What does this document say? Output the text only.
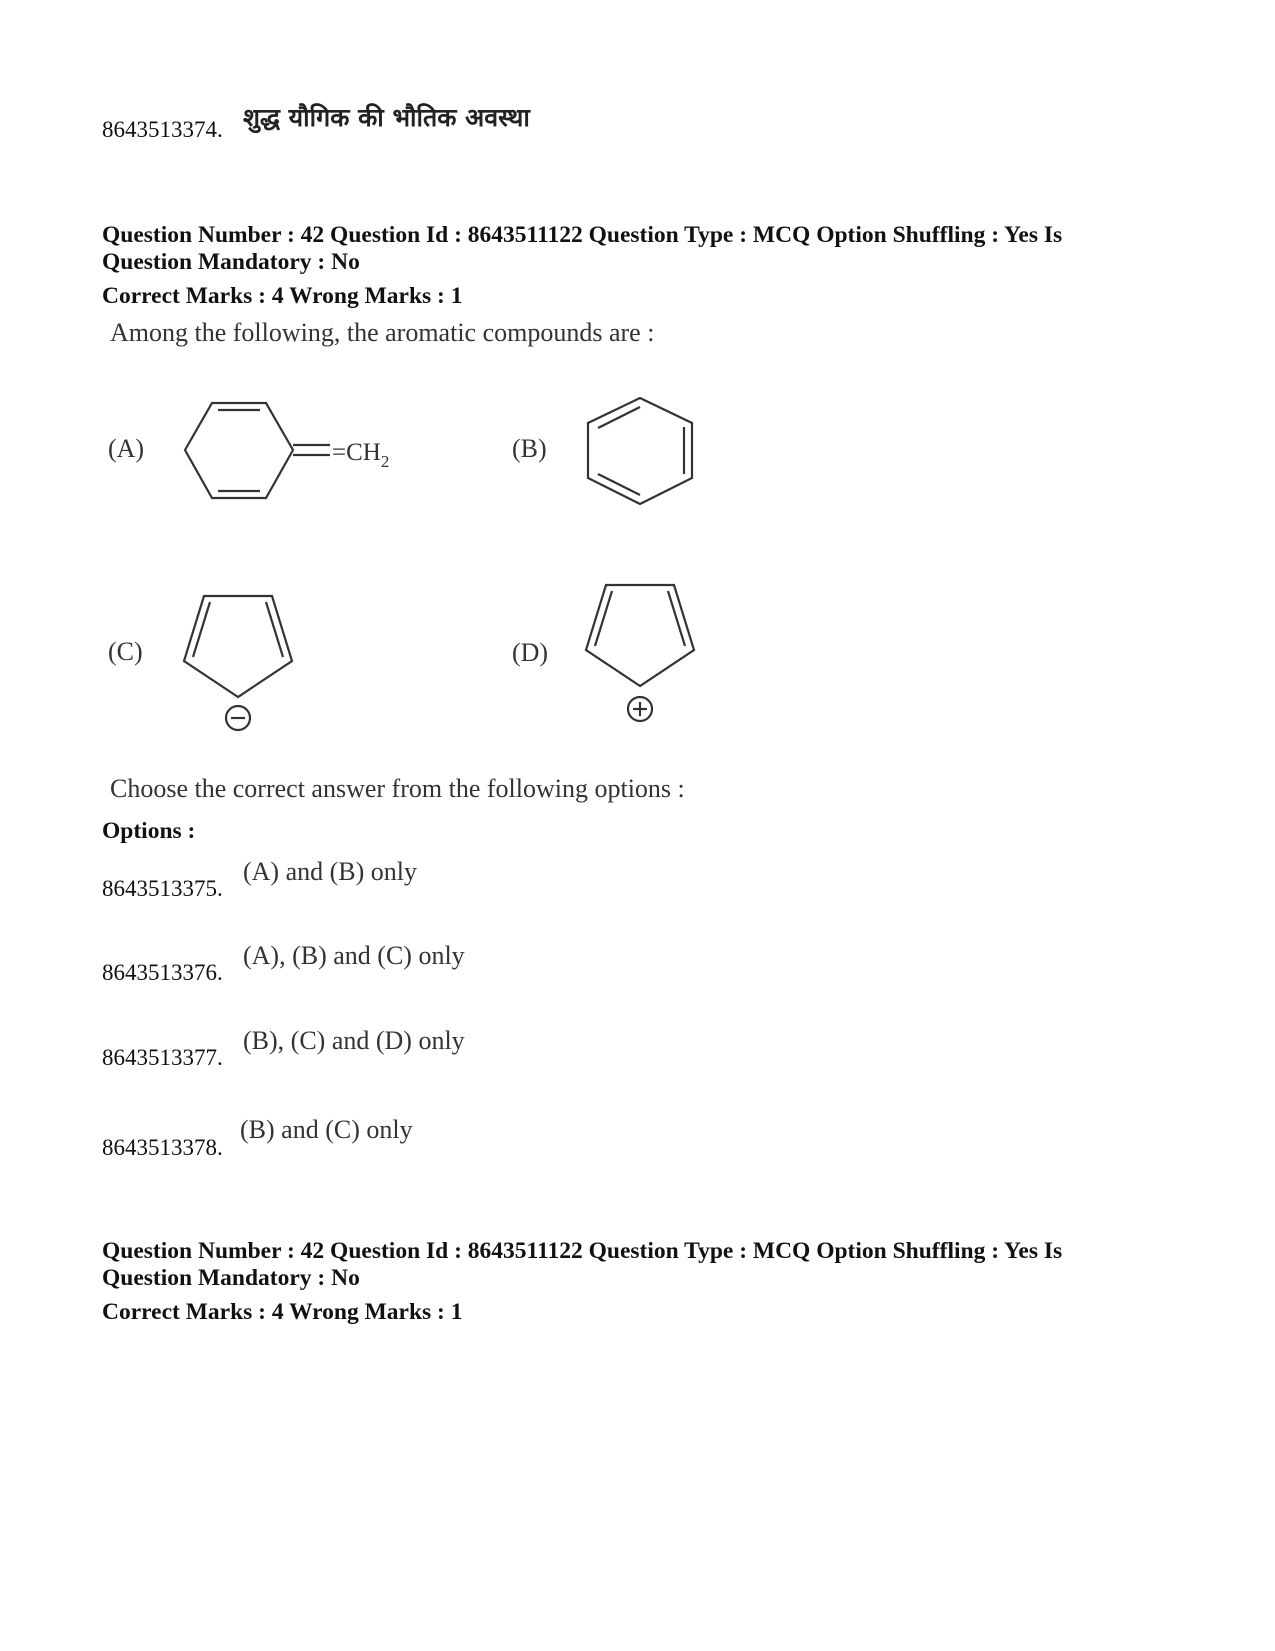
8643513374. शुद्ध यौगिक की भौतिक अवस्था
Question Number : 42 Question Id : 8643511122 Question Type : MCQ Option Shuffling : Yes Is
Question Mandatory : No
Correct Marks : 4 Wrong Marks : 1
Among the following, the aromatic compounds are :
(A)	$=CH_2$	(B)
(C)	(D)
Choose the correct answer from the following options :
Options :
8643513375.
(A) and (B) only
8643513376.
(A), (B) and (C) only
8643513377.
(B), (C) and (D) only
8643513378.
(B) and (C) only
Question Number : 42 Question Id : 8643511122 Question Type : MCQ Option Shuffling : Yes Is
Question Mandatory : No
Correct Marks : 4 Wrong Marks : 1
